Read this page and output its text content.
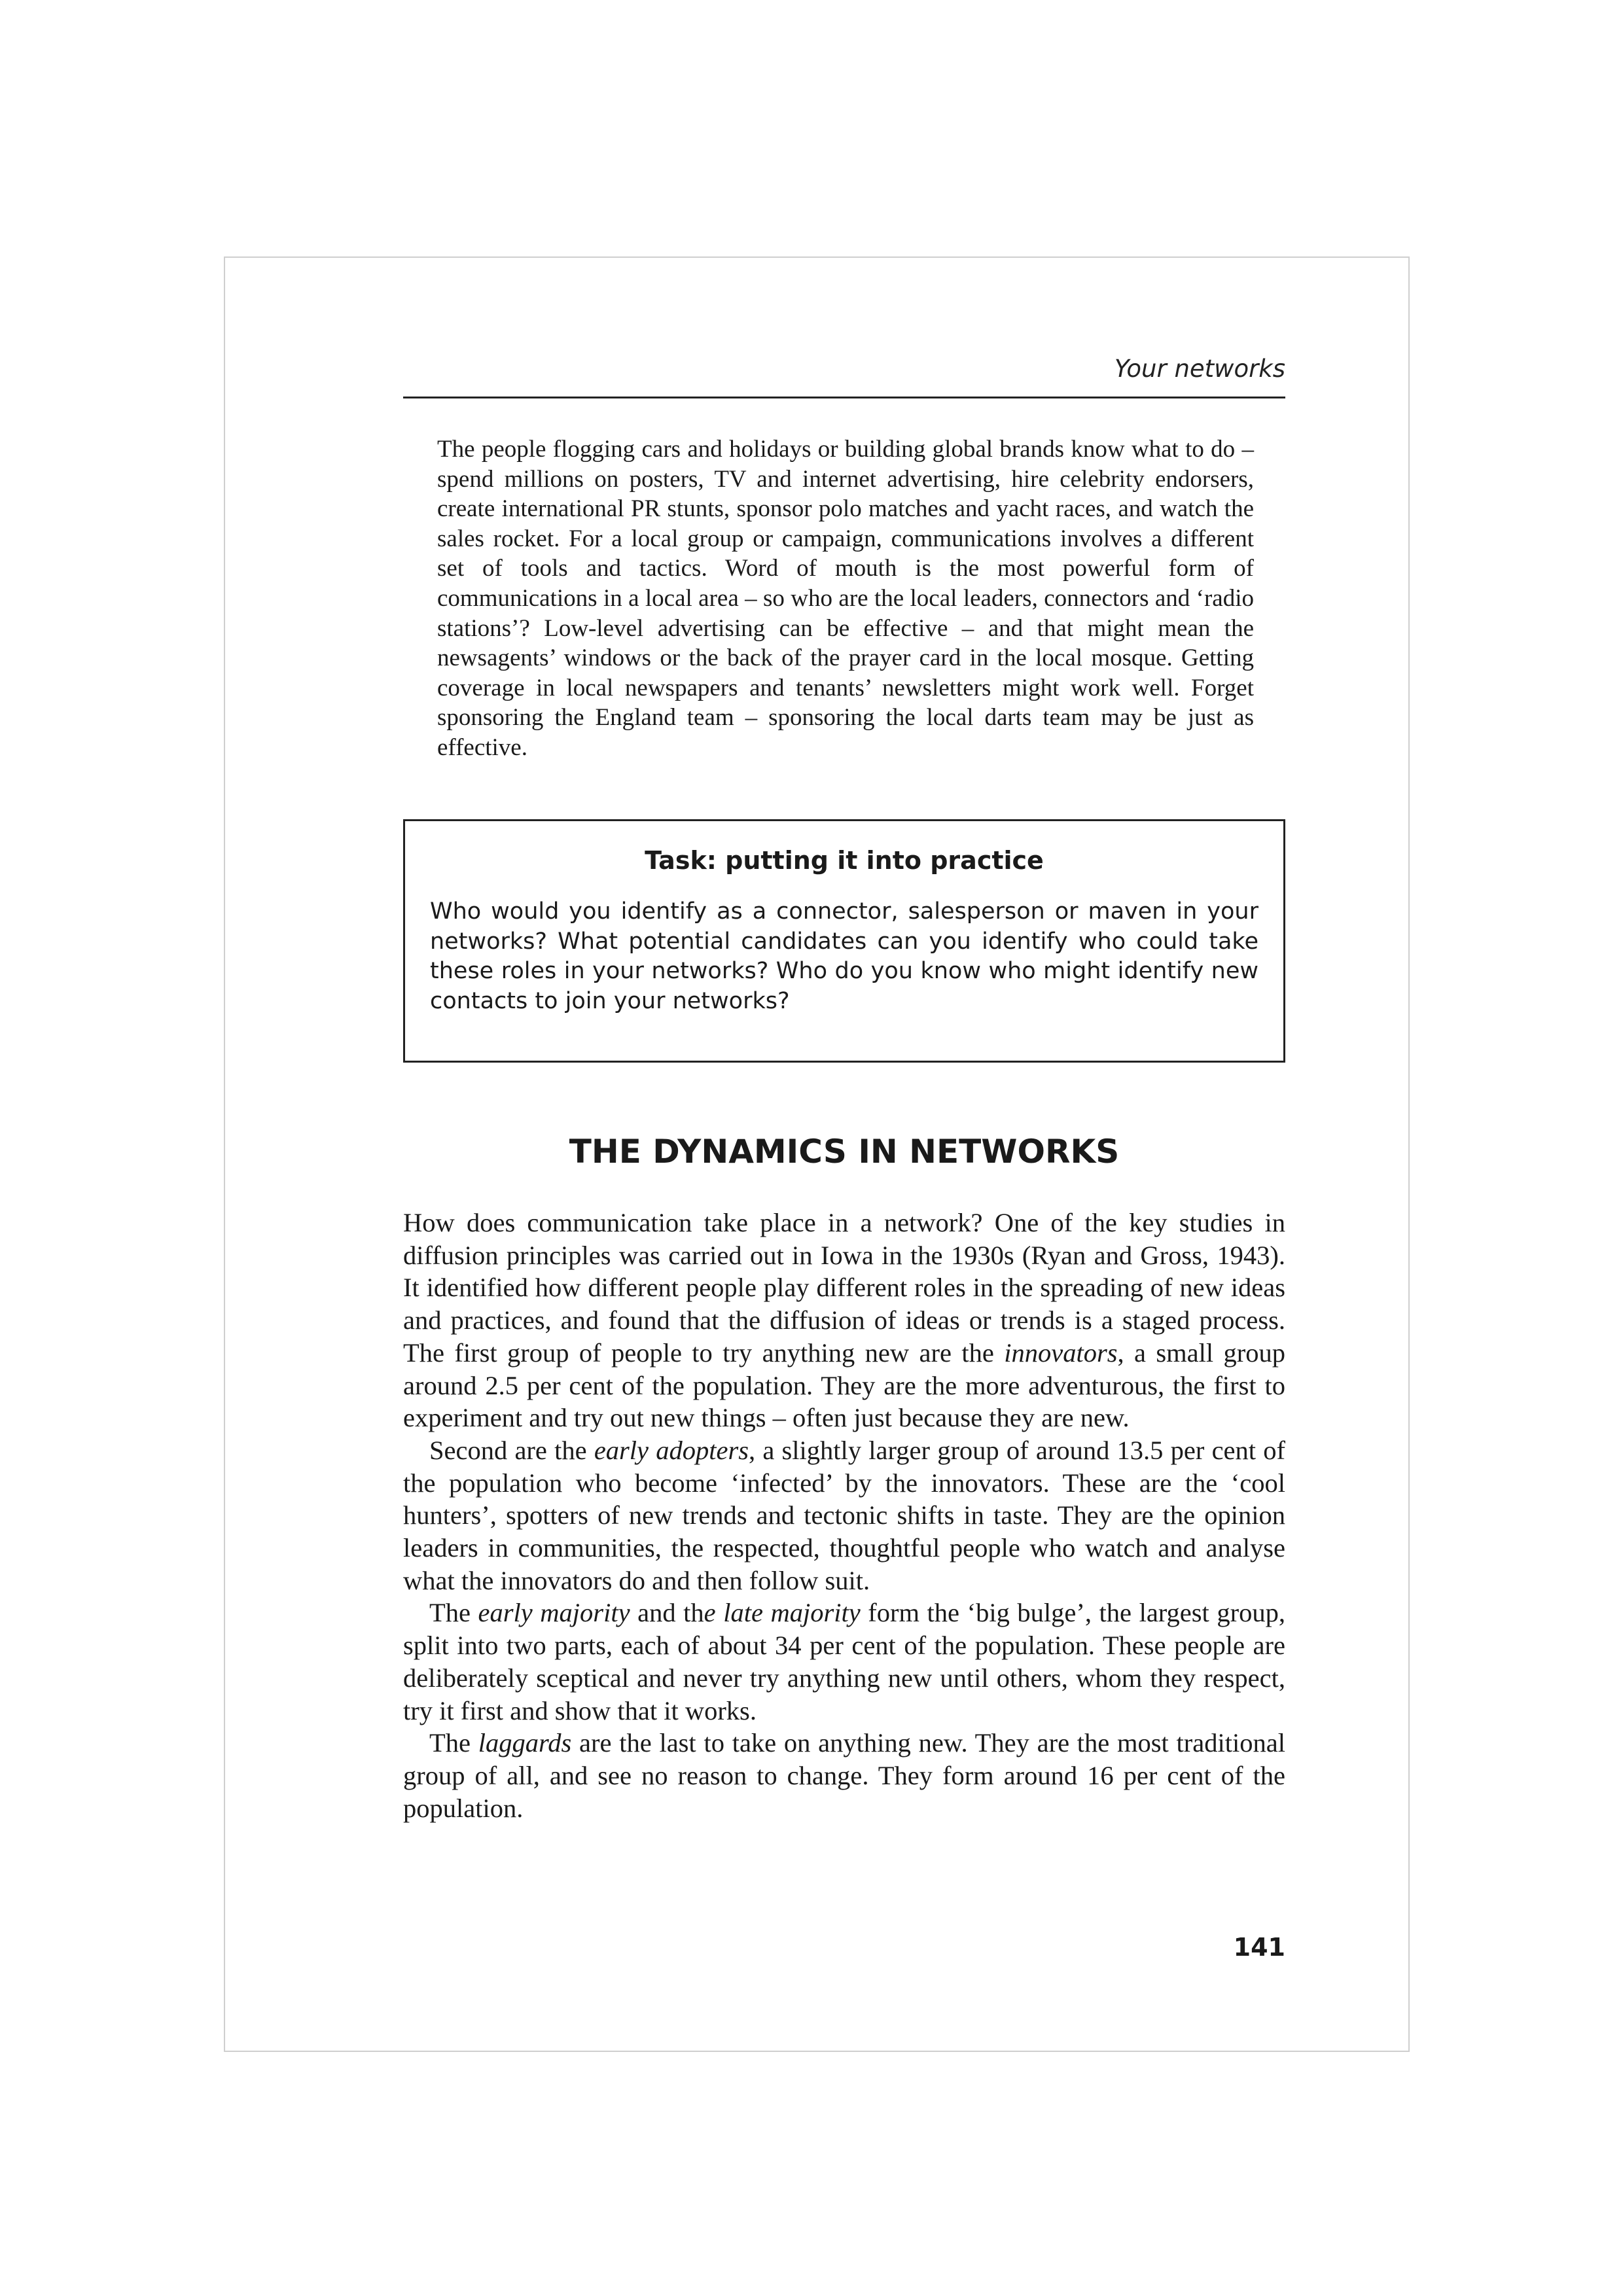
Your networks

The people flogging cars and holidays or building global brands know what to do – spend millions on posters, TV and internet advertising, hire celebrity endorsers, create international PR stunts, sponsor polo matches and yacht races, and watch the sales rocket. For a local group or campaign, communications involves a different set of tools and tactics. Word of mouth is the most powerful form of communications in a local area – so who are the local leaders, connectors and ‘radio stations’? Low-level advertising can be effective – and that might mean the newsagents’ windows or the back of the prayer card in the local mosque. Getting coverage in local newspapers and tenants’ newsletters might work well. Forget sponsoring the England team – sponsoring the local darts team may be just as effective.

Task: putting it into practice

Who would you identify as a connector, salesperson or maven in your networks? What potential candidates can you identify who could take these roles in your networks? Who do you know who might identify new contacts to join your networks?

THE DYNAMICS IN NETWORKS

How does communication take place in a network? One of the key studies in diffusion principles was carried out in Iowa in the 1930s (Ryan and Gross, 1943). It identified how different people play different roles in the spreading of new ideas and practices, and found that the diffusion of ideas or trends is a staged process. The first group of people to try anything new are the innovators, a small group around 2.5 per cent of the population. They are the more adventurous, the first to experiment and try out new things – often just because they are new.

Second are the early adopters, a slightly larger group of around 13.5 per cent of the population who become ‘infected’ by the innovators. These are the ‘cool hunters’, spotters of new trends and tectonic shifts in taste. They are the opinion leaders in communities, the respected, thoughtful people who watch and analyse what the innovators do and then follow suit.

The early majority and the late majority form the ‘big bulge’, the largest group, split into two parts, each of about 34 per cent of the population. These people are deliberately sceptical and never try anything new until others, whom they respect, try it first and show that it works.

The laggards are the last to take on anything new. They are the most traditional group of all, and see no reason to change. They form around 16 per cent of the population.

141
